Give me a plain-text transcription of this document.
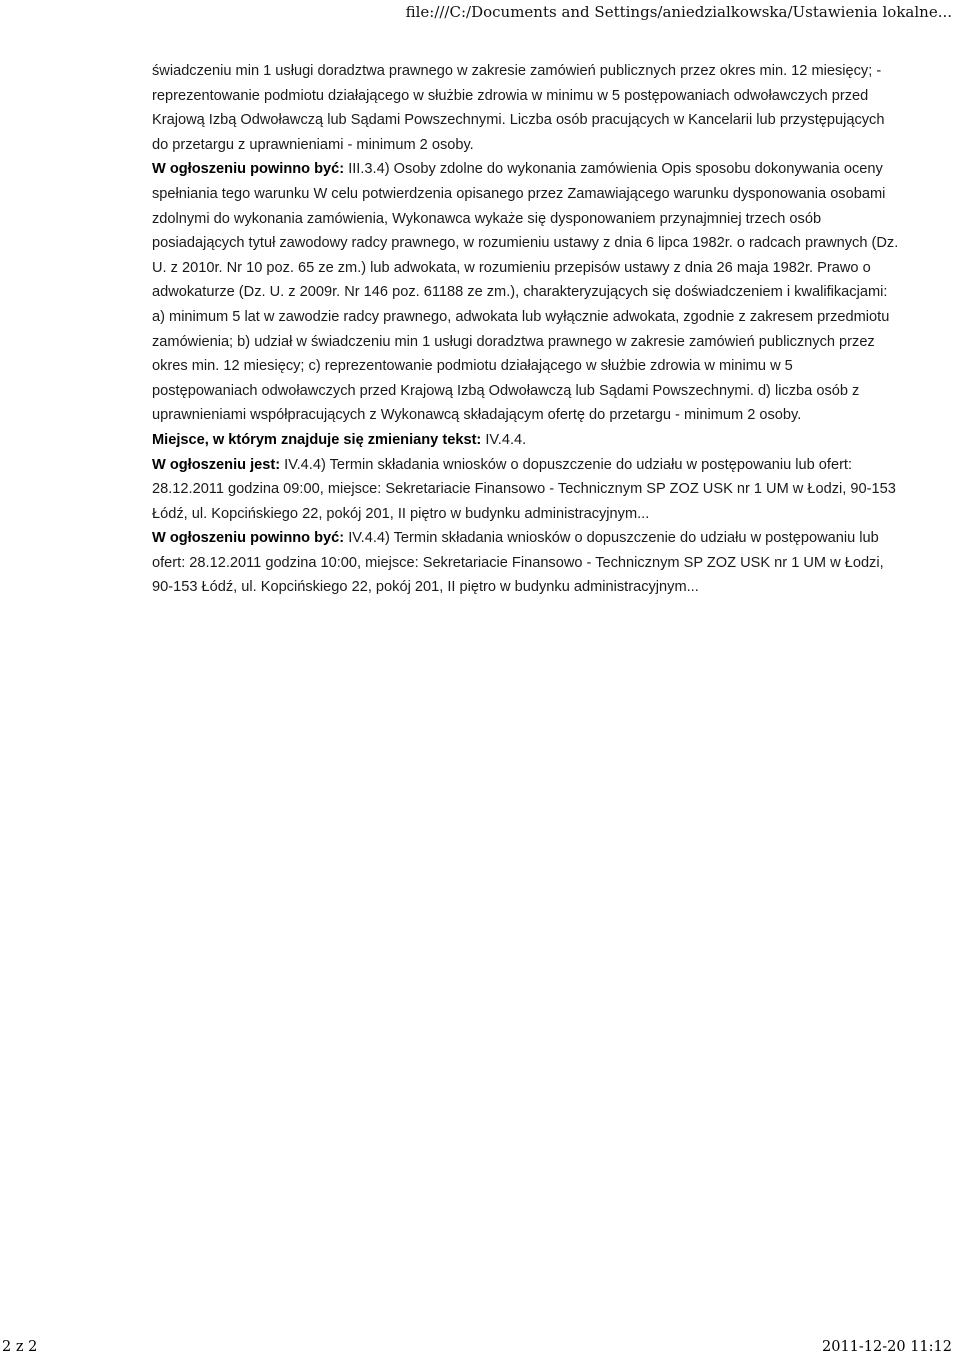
file:///C:/Documents and Settings/aniedzialkowska/Ustawienia lokalne...

świadczeniu min 1 usługi doradztwa prawnego w zakresie zamówień publicznych przez okres min. 12 miesięcy; - reprezentowanie podmiotu działającego w służbie zdrowia w minimu w 5 postępowaniach odwoławczych przed Krajową Izbą Odwoławczą lub Sądami Powszechnymi. Liczba osób pracujących w Kancelarii lub przystępujących do przetargu z uprawnieniami - minimum 2 osoby.

W ogłoszeniu powinno być: III.3.4) Osoby zdolne do wykonania zamówienia Opis sposobu dokonywania oceny spełniania tego warunku W celu potwierdzenia opisanego przez Zamawiającego warunku dysponowania osobami zdolnymi do wykonania zamówienia, Wykonawca wykaże się dysponowaniem przynajmniej trzech osób posiadających tytuł zawodowy radcy prawnego, w rozumieniu ustawy z dnia 6 lipca 1982r. o radcach prawnych (Dz. U. z 2010r. Nr 10 poz. 65 ze zm.) lub adwokata, w rozumieniu przepisów ustawy z dnia 26 maja 1982r. Prawo o adwokaturze (Dz. U. z 2009r. Nr 146 poz. 61188 ze zm.), charakteryzujących się doświadczeniem i kwalifikacjami: a) minimum 5 lat w zawodzie radcy prawnego, adwokata lub wyłącznie adwokata, zgodnie z zakresem przedmiotu zamówienia; b) udział w świadczeniu min 1 usługi doradztwa prawnego w zakresie zamówień publicznych przez okres min. 12 miesięcy; c) reprezentowanie podmiotu działającego w służbie zdrowia w minimu w 5 postępowaniach odwoławczych przed Krajową Izbą Odwoławczą lub Sądami Powszechnymi. d) liczba osób z uprawnieniami współpracujących z Wykonawcą składającym ofertę do przetargu - minimum 2 osoby.

Miejsce, w którym znajduje się zmieniany tekst: IV.4.4.

W ogłoszeniu jest: IV.4.4) Termin składania wniosków o dopuszczenie do udziału w postępowaniu lub ofert: 28.12.2011 godzina 09:00, miejsce: Sekretariacie Finansowo - Technicznym SP ZOZ USK nr 1 UM w Łodzi, 90-153 Łódź, ul. Kopcińskiego 22, pokój 201, II piętro w budynku administracyjnym...

W ogłoszeniu powinno być: IV.4.4) Termin składania wniosków o dopuszczenie do udziału w postępowaniu lub ofert: 28.12.2011 godzina 10:00, miejsce: Sekretariacie Finansowo - Technicznym SP ZOZ USK nr 1 UM w Łodzi, 90-153 Łódź, ul. Kopcińskiego 22, pokój 201, II piętro w budynku administracyjnym...

2 z 2	2011-12-20 11:12
